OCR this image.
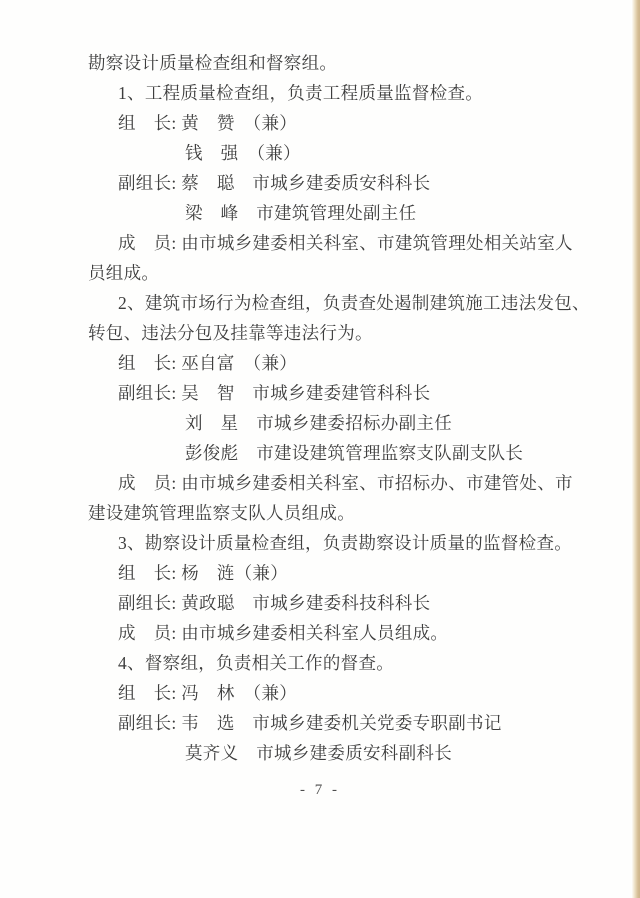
勘察设计质量检查组和督察组。
1、工程质量检查组，负责工程质量监督检查。
组　长: 黄　赞　（兼）
钱　强　（兼）
副组长: 蔡　聪　市城乡建委质安科科长
梁　峰　市建筑管理处副主任
成　员: 由市城乡建委相关科室、市建筑管理处相关站室人
员组成。
2、建筑市场行为检查组，负责查处遏制建筑施工违法发包、
转包、违法分包及挂靠等违法行为。
组　长: 巫自富　（兼）
副组长: 吴　智　市城乡建委建管科科长
刘　星　市城乡建委招标办副主任
彭俊彪　市建设建筑管理监察支队副支队长
成　员: 由市城乡建委相关科室、市招标办、市建管处、市
建设建筑管理监察支队人员组成。
3、勘察设计质量检查组，负责勘察设计质量的监督检查。
组　长: 杨　涟（兼）
副组长: 黄政聪　市城乡建委科技科科长
成　员: 由市城乡建委相关科室人员组成。
4、督察组，负责相关工作的督查。
组　长: 冯　林　（兼）
副组长: 韦　选　市城乡建委机关党委专职副书记
莫齐义　市城乡建委质安科副科长
- 7 -
